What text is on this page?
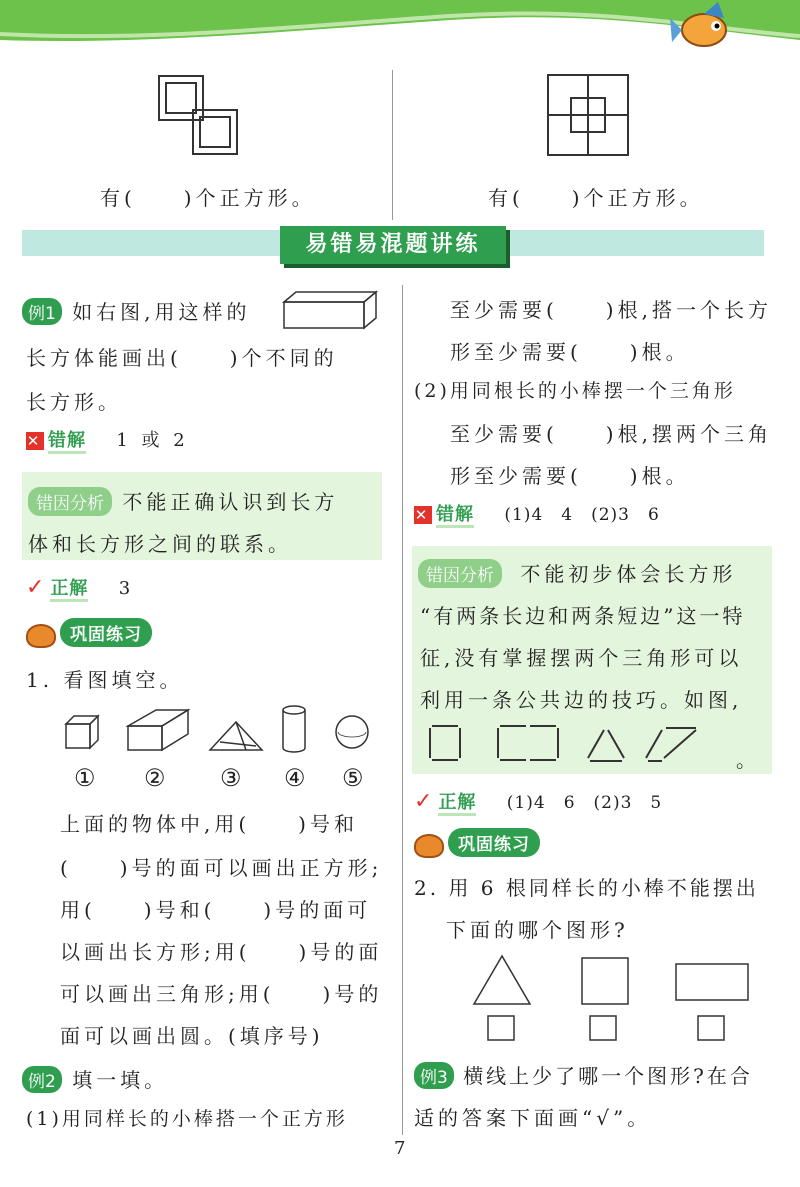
有(　　)个正方形。	有(　　)个正方形。
易错易混题讲练
例1 如右图,用这样的
长方体能画出(　　)个不同的
长方形。
✕ 错解 1 或 2
错因分析 不能正确认识到长方
体和长方形之间的联系。
✓ 正解 3
巩固练习
1. 看图填空。
① ② ③ ④ ⑤
上面的物体中,用(　　)号和
(　　)号的面可以画出正方形;
用(　　)号和(　　)号的面可
以画出长方形;用(　　)号的面
可以画出三角形;用(　　)号的
面可以画出圆。(填序号)
例2 填一填。
(1)用同样长的小棒搭一个正方形
至少需要(　　)根,搭一个长方
形至少需要(　　)根。
(2)用同根长的小棒摆一个三角形
至少需要(　　)根,摆两个三角
形至少需要(　　)根。
✕ 错解 (1)4　4　(2)3　6
错因分析 不能初步体会长方形
“有两条长边和两条短边”这一特
征,没有掌握摆两个三角形可以
利用一条公共边的技巧。如图,
。
✓ 正解 (1)4　6　(2)3　5
巩固练习
2. 用 6 根同样长的小棒不能摆出
下面的哪个图形?
例3 横线上少了哪一个图形?在合
适的答案下面画“√”。
7
